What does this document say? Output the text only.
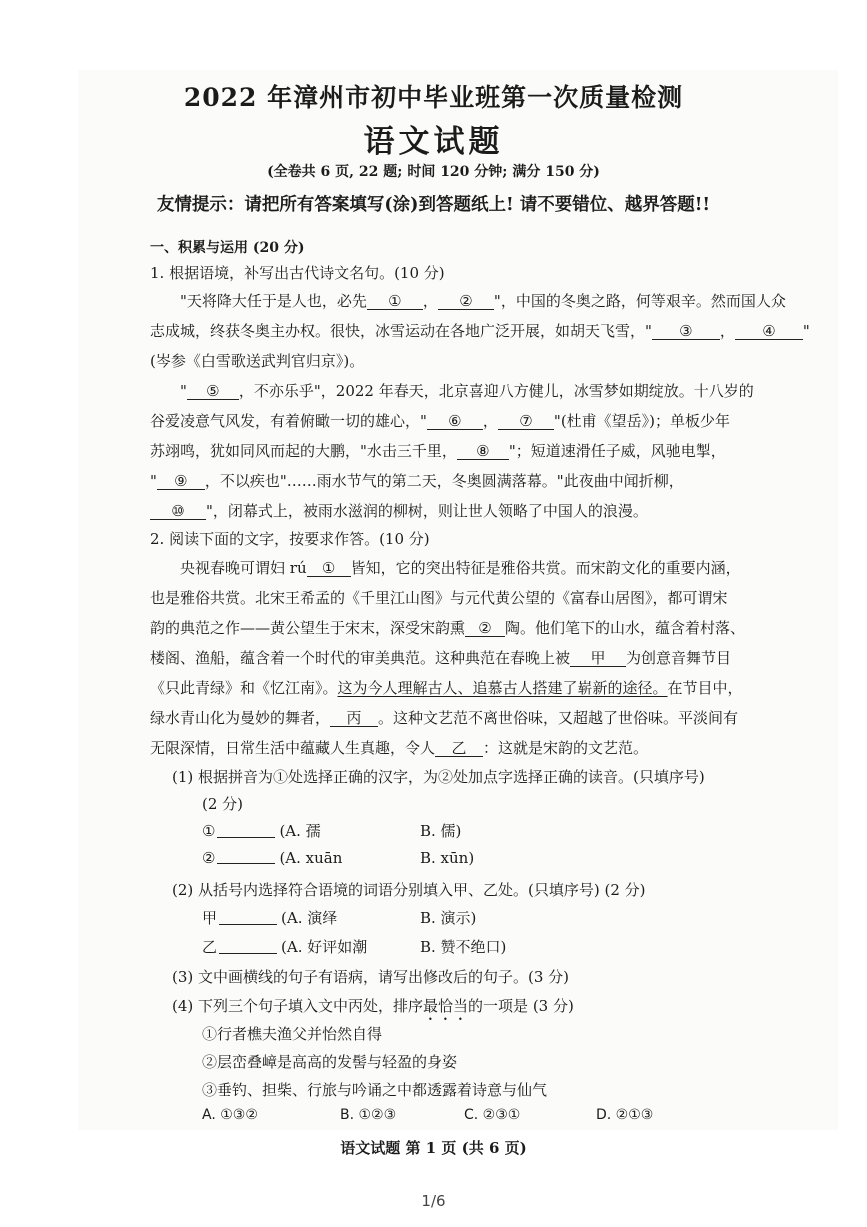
2022 年漳州市初中毕业班第一次质量检测
语文试题
(全卷共 6 页, 22 题; 时间 120 分钟; 满分 150 分)
友情提示：请把所有答案填写(涂)到答题纸上! 请不要错位、越界答题!!
一、积累与运用 (20 分)
1. 根据语境，补写出古代诗文名句。(10 分)
"天将降大任于是人也，必先 ① ， ② "，中国的冬奥之路，何等艰辛。然而国人众
志成城，终获冬奥主办权。很快，冰雪运动在各地广泛开展，如胡天飞雪，" ③ ， ④ "
(岑参《白雪歌送武判官归京》)。
" ⑤ ，不亦乐乎"，2022 年春天，北京喜迎八方健儿，冰雪梦如期绽放。十八岁的
谷爱凌意气风发，有着俯瞰一切的雄心，" ⑥ ， ⑦ "(杜甫《望岳》)；单板少年
苏翊鸣，犹如同风而起的大鹏，"水击三千里， ⑧ "；短道速滑任子威，风驰电掣，
" ⑨ ，不以疾也"……雨水节气的第二天，冬奥圆满落幕。"此夜曲中闻折柳，
⑩ "，闭幕式上，被雨水滋润的柳树，则让世人领略了中国人的浪漫。
2. 阅读下面的文字，按要求作答。(10 分)
央视春晚可谓妇 rú ① 皆知，它的突出特征是雅俗共赏。而宋韵文化的重要内涵，
也是雅俗共赏。北宋王希孟的《千里江山图》与元代黄公望的《富春山居图》，都可谓宋
韵的典范之作——黄公望生于宋末，深受宋韵熏 ② 陶。他们笔下的山水，蕴含着村落、
楼阁、渔船，蕴含着一个时代的审美典范。这种典范在春晚上被 甲 为创意音舞节目
《只此青绿》和《忆江南》。这为今人理解古人、追慕古人搭建了崭新的途径。在节目中，
绿水青山化为曼妙的舞者， 丙 。这种文艺范不离世俗味，又超越了世俗味。平淡间有
无限深情，日常生活中蕴藏人生真趣，令人 乙 ：这就是宋韵的文艺范。
(1) 根据拼音为①处选择正确的汉字，为②处加点字选择正确的读音。(只填序号)
(2 分)
①	(A. 孺	B. 儒)
②	(A. xuān	B. xūn)
(2) 从括号内选择符合语境的词语分别填入甲、乙处。(只填序号) (2 分)
甲	(A. 演绎	B. 演示)
乙	(A. 好评如潮	B. 赞不绝口)
(3) 文中画横线的句子有语病，请写出修改后的句子。(3 分)
(4) 下列三个句子填入文中丙处，排序最恰当的一项是 (3 分)
①行者樵夫渔父并怡然自得
②层峦叠嶂是高高的发髻与轻盈的身姿
③垂钓、担柴、行旅与吟诵之中都透露着诗意与仙气
A. ①③②	B. ①②③	C. ②③①	D. ②①③
语文试题 第 1 页 (共 6 页)
1/6
